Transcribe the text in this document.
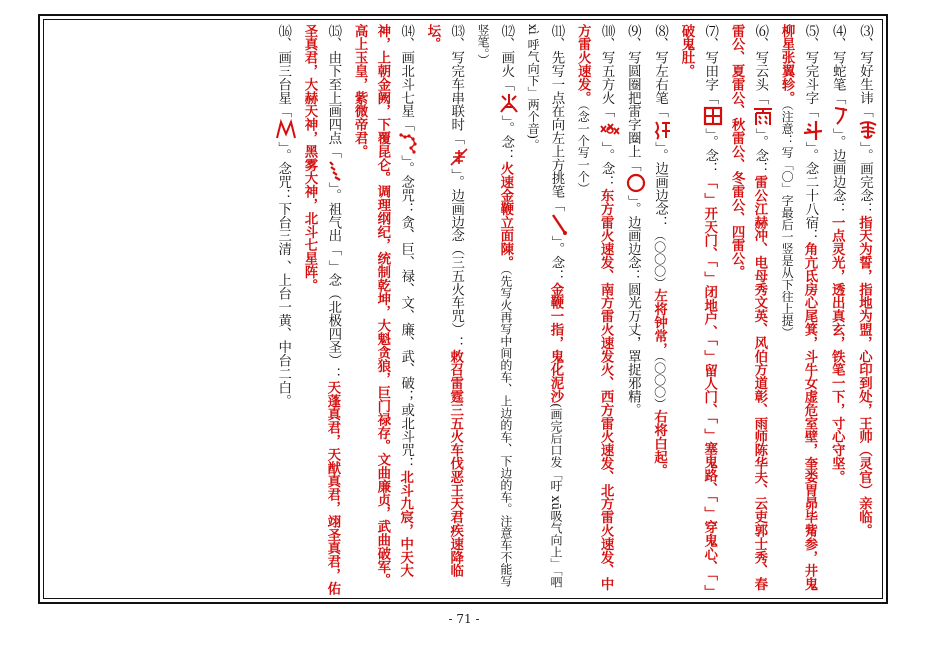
⑶、写好生讳「
」。画完念：指天为誓，指地为盟，心印到处，王帅（灵官）亲临。

⑷、写蛇笔「
」。边画边念：一点灵光，透出真玄，铁笔一下，寸心守坚。

⑸、写完斗字「
」。念二十八宿：角亢氐房心尾箕，斗牛女虚危室壁，奎娄胃昴毕觜参，井鬼柳星张翼轸。（注意：写「〇」字最后一竖是从下往上提）

⑹、写云头「
」。念：雷公江赫冲、电母秀文英、风伯方道彰、雨师陈华夫、云吏郭士秀、春雷公、夏雷公、秋雷公、冬雷公、四雷公。

⑺、写田字「
」。念：「 」开天门、「 」闭地户、「 」留人门、「 」塞鬼路、「 」穿鬼心、「 」破鬼肚。

⑻、写左右笔「
」。边画边念：（〇〇〇）左将钟常，（〇〇〇）右将白起。

⑼、写圆圈把雷字圈上「
」。边画边念：圆光万丈，罩捉邪精。

⑽、写五方火「
」。念：东方雷火速发、南方雷火速发火、西方雷火速发、北方雷火速发、中方雷火速发。（念一个写一个）

⑾、先写一点在向左上方挑笔「
」。念：金鞭一指，鬼化泥沙(画完后口发「吁 xū吸气向上」「呬 xì 呼气向下」两个音)。

⑿、画火「
」。念：火速金鞭立面陳。（先写火再写中间的车、上边的车、下边的车。注意车不能写竖笔。）

⒀、写完车串联时「
」。边画边念（三五火车咒）：敕召雷霆三五火车伐恶王天君疾速降临坛。

⒁、画北斗七星「
」。念咒：贪、巨、禄、文、廉、武、破；或北斗咒：北斗九宸，中天大神，上朝金阙，下覆昆仑。调理纲纪，统制乾坤，大魁贪狼，巨门禄存。文曲廉贞，武曲破军。高上玉皇，紫微帝君。

⒂、由下至上画四点「
」。祖气出「 」念（北极四圣）：天蓬真君，天猷真君，翊圣真君，佑圣真君，大赫天神，黑雾大神，北斗七星阵。

⒃、画三台星「
」。念咒：下台三清 、上台一黄、中台二白。

- 71 -
